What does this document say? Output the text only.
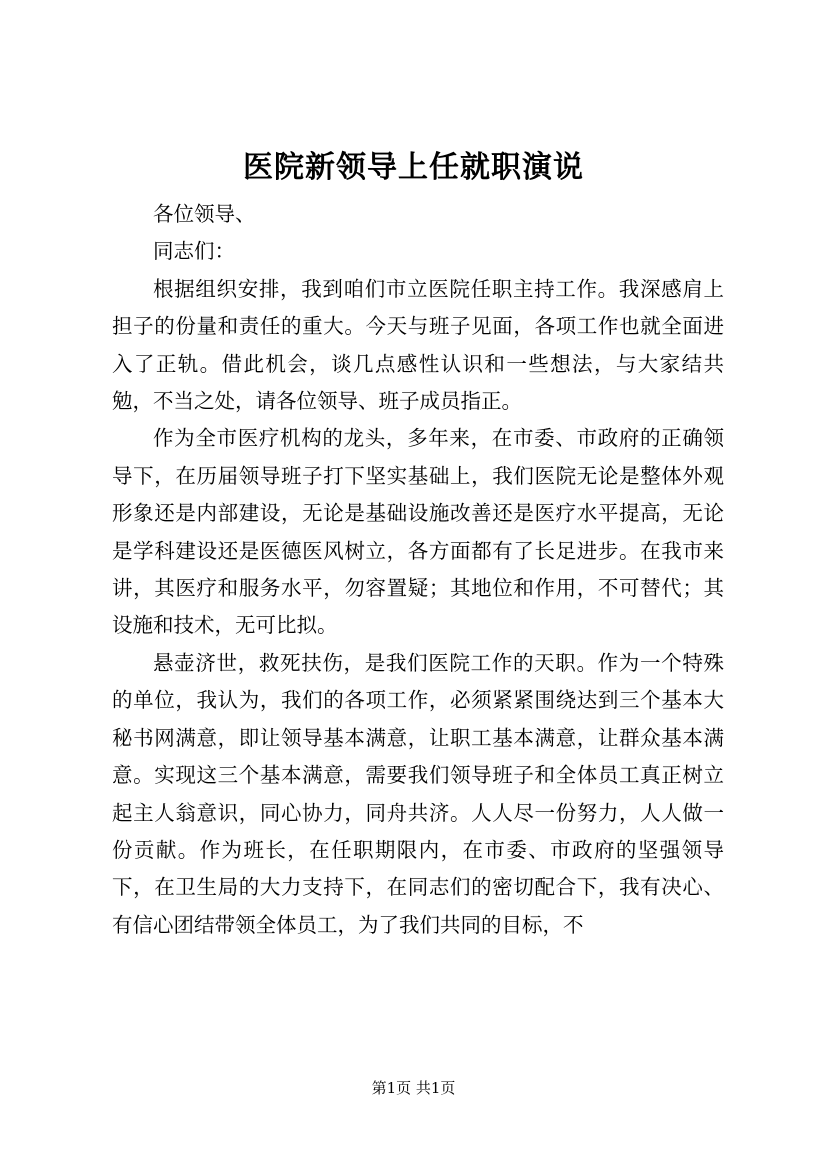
医院新领导上任就职演说

各位领导、

同志们：

根据组织安排，我到咱们市立医院任职主持工作。我深感肩上担子的份量和责任的重大。今天与班子见面，各项工作也就全面进入了正轨。借此机会，谈几点感性认识和一些想法，与大家结共勉，不当之处，请各位领导、班子成员指正。

作为全市医疗机构的龙头，多年来，在市委、市政府的正确领导下，在历届领导班子打下坚实基础上，我们医院无论是整体外观形象还是内部建设，无论是基础设施改善还是医疗水平提高，无论是学科建设还是医德医风树立，各方面都有了长足进步。在我市来讲，其医疗和服务水平，勿容置疑；其地位和作用，不可替代；其设施和技术，无可比拟。

悬壶济世，救死扶伤，是我们医院工作的天职。作为一个特殊的单位，我认为，我们的各项工作，必须紧紧围绕达到三个基本大秘书网满意，即让领导基本满意，让职工基本满意，让群众基本满意。实现这三个基本满意，需要我们领导班子和全体员工真正树立起主人翁意识，同心协力，同舟共济。人人尽一份努力，人人做一份贡献。作为班长，在任职期限内，在市委、市政府的坚强领导下，在卫生局的大力支持下，在同志们的密切配合下，我有决心、有信心团结带领全体员工，为了我们共同的目标，不

第1页 共1页
